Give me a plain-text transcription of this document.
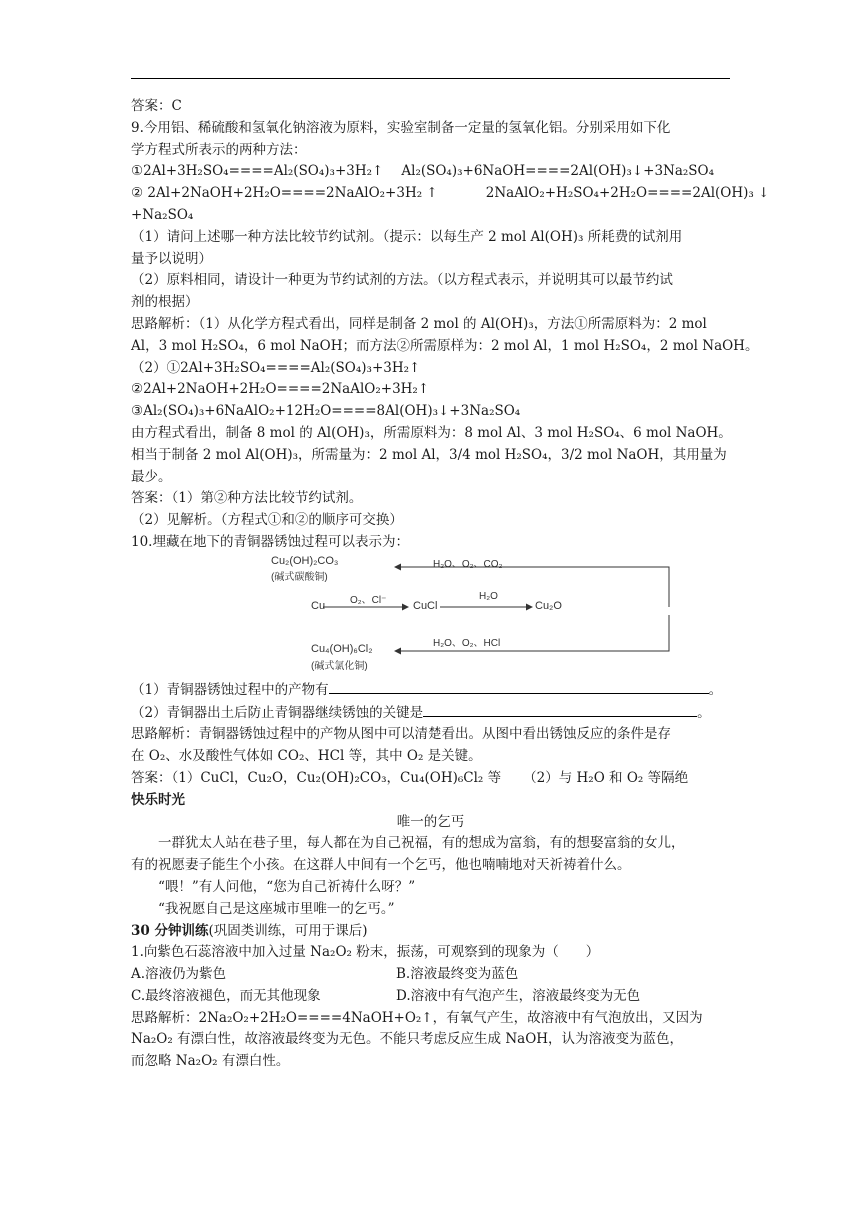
答案：C
9.今用铝、稀硫酸和氢氧化钠溶液为原料，实验室制备一定量的氢氧化铝。分别采用如下化
学方程式所表示的两种方法：
①2Al+3H₂SO₄====Al₂(SO₄)₃+3H₂↑ Al₂(SO₄)₃+6NaOH====2Al(OH)₃↓+3Na₂SO₄
② 2Al+2NaOH+2H₂O====2NaAlO₂+3H₂ ↑	2NaAlO₂+H₂SO₄+2H₂O====2Al(OH)₃ ↓
+Na₂SO₄
（1）请问上述哪一种方法比较节约试剂。（提示：以每生产 2 mol Al(OH)₃ 所耗费的试剂用
量予以说明）
（2）原料相同，请设计一种更为节约试剂的方法。（以方程式表示，并说明其可以最节约试
剂的根据）
思路解析：（1）从化学方程式看出，同样是制备 2 mol 的 Al(OH)₃，方法①所需原料为：2 mol
Al，3 mol H₂SO₄，6 mol NaOH；而方法②所需原样为：2 mol Al，1 mol H₂SO₄，2 mol NaOH。
（2）①2Al+3H₂SO₄====Al₂(SO₄)₃+3H₂↑
②2Al+2NaOH+2H₂O====2NaAlO₂+3H₂↑
③Al₂(SO₄)₃+6NaAlO₂+12H₂O====8Al(OH)₃↓+3Na₂SO₄
由方程式看出，制备 8 mol 的 Al(OH)₃，所需原料为：8 mol Al、3 mol H₂SO₄、6 mol NaOH。
相当于制备 2 mol Al(OH)₃，所需量为：2 mol Al，3/4 mol H₂SO₄，3/2 mol NaOH，其用量为
最少。
答案：（1）第②种方法比较节约试剂。
（2）见解析。（方程式①和②的顺序可交换）
10.埋藏在地下的青铜器锈蚀过程可以表示为：
Cu₂(OH)₂CO₃
(碱式碳酸铜)
H₂O、O₂、CO₂
Cu O₂、Cl⁻ CuCl
H₂O
Cu₂O
H₂O、O₂、HCl
Cu₄(OH)₆Cl₂
(碱式氯化铜)
（1）青铜器锈蚀过程中的产物有	。
（2）青铜器出土后防止青铜器继续锈蚀的关键是	。
思路解析：青铜器锈蚀过程中的产物从图中可以清楚看出。从图中看出锈蚀反应的条件是存
在 O₂、水及酸性气体如 CO₂、HCl 等，其中 O₂ 是关键。
答案：（1）CuCl，Cu₂O，Cu₂(OH)₂CO₃，Cu₄(OH)₆Cl₂ 等 （2）与 H₂O 和 O₂ 等隔绝
快乐时光
唯一的乞丐
一群犹太人站在巷子里，每人都在为自己祝福，有的想成为富翁，有的想娶富翁的女儿，
有的祝愿妻子能生个小孩。在这群人中间有一个乞丐，他也喃喃地对天祈祷着什么。
“喂！”有人问他，“您为自己祈祷什么呀？”
“我祝愿自己是这座城市里唯一的乞丐。”
30 分钟训练(巩固类训练，可用于课后)
1.向紫色石蕊溶液中加入过量 Na₂O₂ 粉末，振荡，可观察到的现象为（　　）
A.溶液仍为紫色	B.溶液最终变为蓝色
C.最终溶液褪色，而无其他现象	D.溶液中有气泡产生，溶液最终变为无色
思路解析：2Na₂O₂+2H₂O====4NaOH+O₂↑，有氧气产生，故溶液中有气泡放出，又因为
Na₂O₂ 有漂白性，故溶液最终变为无色。不能只考虑反应生成 NaOH，认为溶液变为蓝色，
而忽略 Na₂O₂ 有漂白性。
